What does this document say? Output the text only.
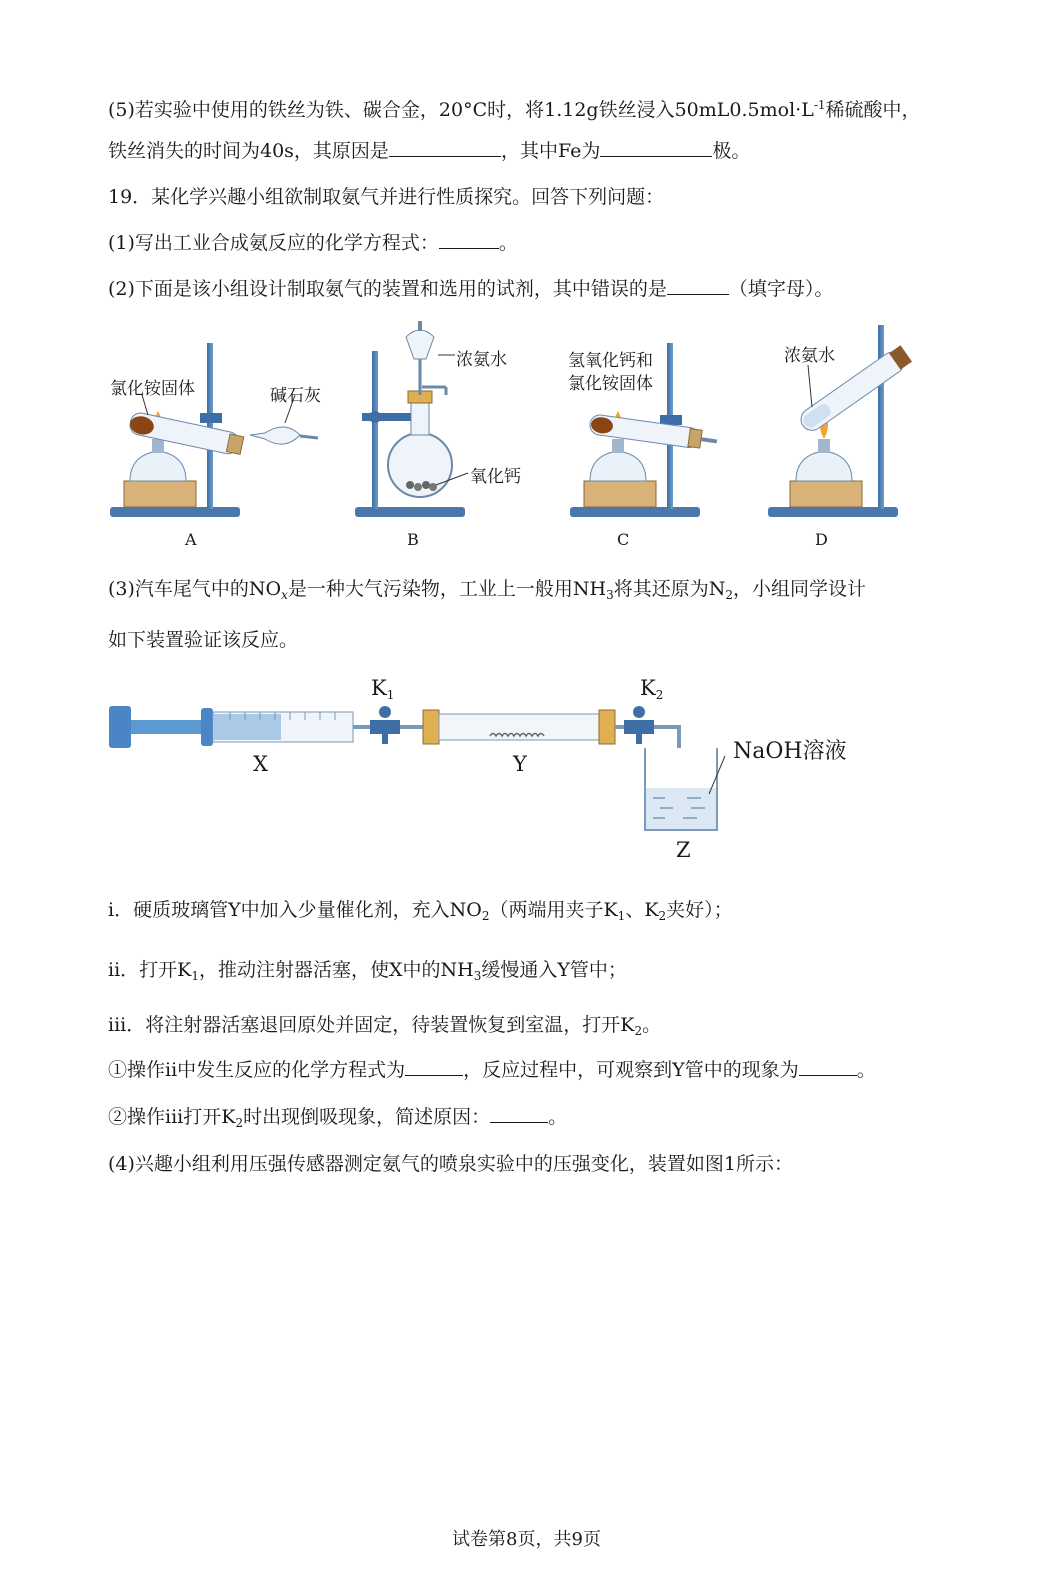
(5)若实验中使用的铁丝为铁、碳合金，20°C时，将1.12g铁丝浸入$50mL0.5mol\cdot L^{-1}$稀硫酸中，
铁丝消失的时间为40s，其原因是	，其中Fe为	极。
19．某化学兴趣小组欲制取氨气并进行性质探究。回答下列问题：
(1)写出工业合成氨反应的化学方程式：	。
(2)下面是该小组设计制取氨气的装置和选用的试剂，其中错误的是	（填字母）。
氯化铵固体	碱石灰
浓氨水
氧化钙
氢氧化钙和
氯化铵固体
浓氨水
A	B	C	D
(3)汽车尾气中的$NO_x$是一种大气污染物，工业上一般用$NH_3$将其还原为$N_2$，小组同学设计
如下装置验证该反应。
$K_1$	$K_2$
X	Y
Z
NaOH溶液
i．硬质玻璃管Y中加入少量催化剂，充入$NO_2$（两端用夹子$K_1$、$K_2$夹好）；
ii．打开$K_1$，推动注射器活塞，使X中的$NH_3$缓慢通入Y管中；
iii．将注射器活塞退回原处并固定，待装置恢复到室温，打开$K_2$。
①操作ii中发生反应的化学方程式为	，反应过程中，可观察到Y管中的现象为	。
②操作iii打开$K_2$时出现倒吸现象，简述原因：	。
(4)兴趣小组利用压强传感器测定氨气的喷泉实验中的压强变化，装置如图1所示：
试卷第8页，共9页
